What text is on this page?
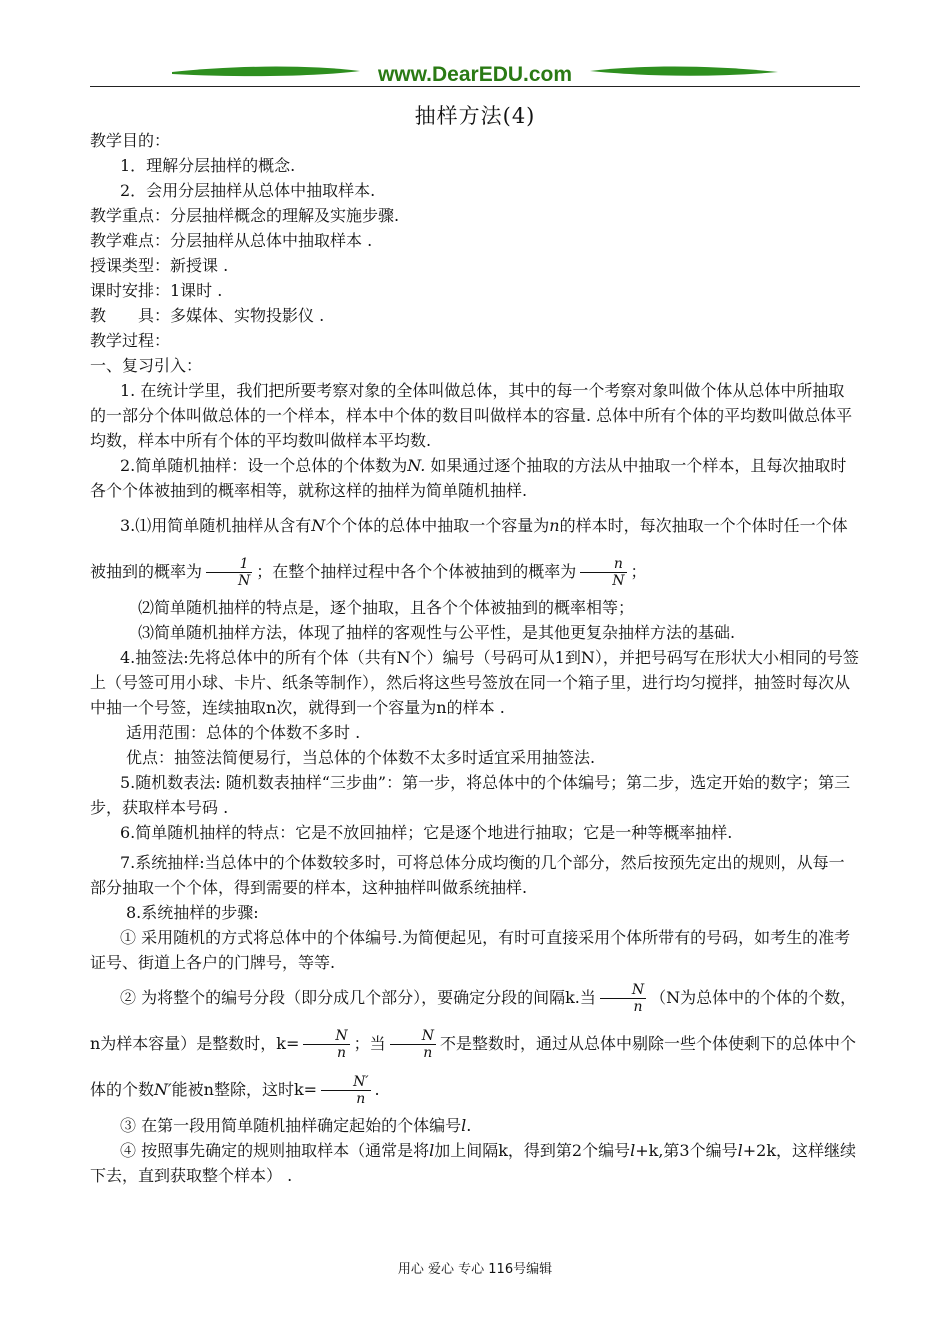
www.DearEDU.com
抽样方法(4)

教学目的：

1．理解分层抽样的概念.

2．会用分层抽样从总体中抽取样本.

教学重点：分层抽样概念的理解及实施步骤.

教学难点：分层抽样从总体中抽取样本 .

授课类型：新授课 .

课时安排：1课时 .

教　　具：多媒体、实物投影仪 .

教学过程：

一、复习引入：

1. 在统计学里，我们把所要考察对象的全体叫做总体，其中的每一个考察对象叫做个体从总体中所抽取的一部分个体叫做总体的一个样本，样本中个体的数目叫做样本的容量. 总体中所有个体的平均数叫做总体平均数，样本中所有个体的平均数叫做样本平均数.

2.简单随机抽样：设一个总体的个体数为N. 如果通过逐个抽取的方法从中抽取一个样本，且每次抽取时各个个体被抽到的概率相等，就称这样的抽样为简单随机抽样.

3.⑴用简单随机抽样从含有N个个体的总体中抽取一个容量为n的样本时，每次抽取一个个体时任一个体被抽到的概率为 $\frac{1}{N}$ ；在整个抽样过程中各个个体被抽到的概率为 $\frac{n}{N}$ ；

⑵简单随机抽样的特点是，逐个抽取，且各个个体被抽到的概率相等；

⑶简单随机抽样方法，体现了抽样的客观性与公平性，是其他更复杂抽样方法的基础.

4.抽签法:先将总体中的所有个体（共有N个）编号（号码可从1到N），并把号码写在形状大小相同的号签上（号签可用小球、卡片、纸条等制作），然后将这些号签放在同一个箱子里，进行均匀搅拌，抽签时每次从中抽一个号签，连续抽取n次，就得到一个容量为n的样本 .

适用范围：总体的个体数不多时 .

优点：抽签法简便易行，当总体的个体数不太多时适宜采用抽签法.

5.随机数表法: 随机数表抽样“三步曲”：第一步，将总体中的个体编号；第二步，选定开始的数字；第三步，获取样本号码 .

6.简单随机抽样的特点：它是不放回抽样；它是逐个地进行抽取；它是一种等概率抽样.

7.系统抽样:当总体中的个体数较多时，可将总体分成均衡的几个部分，然后按预先定出的规则，从每一部分抽取一个个体，得到需要的样本，这种抽样叫做系统抽样.

8.系统抽样的步骤:

① 采用随机的方式将总体中的个体编号.为简便起见，有时可直接采用个体所带有的号码，如考生的准考证号、街道上各户的门牌号，等等.

② 为将整个的编号分段（即分成几个部分），要确定分段的间隔k.当 $\frac{N}{n} (N$为总体中的个体的个数，n为样本容量）是整数时，$k= \frac{N}{n}$ ；当 $\frac{N}{n}$ 不是整数时，通过从总体中剔除一些个体使剩下的总体中个体的个数N′能被n整除，这时$k= \frac{N'}{n}$ .

③ 在第一段用简单随机抽样确定起始的个体编号l.

④ 按照事先确定的规则抽取样本（通常是将l加上间隔k，得到第2个编号l+k,第3个编号l+2k，这样继续下去，直到获取整个样本） .

用心 爱心 专心 116号编辑
